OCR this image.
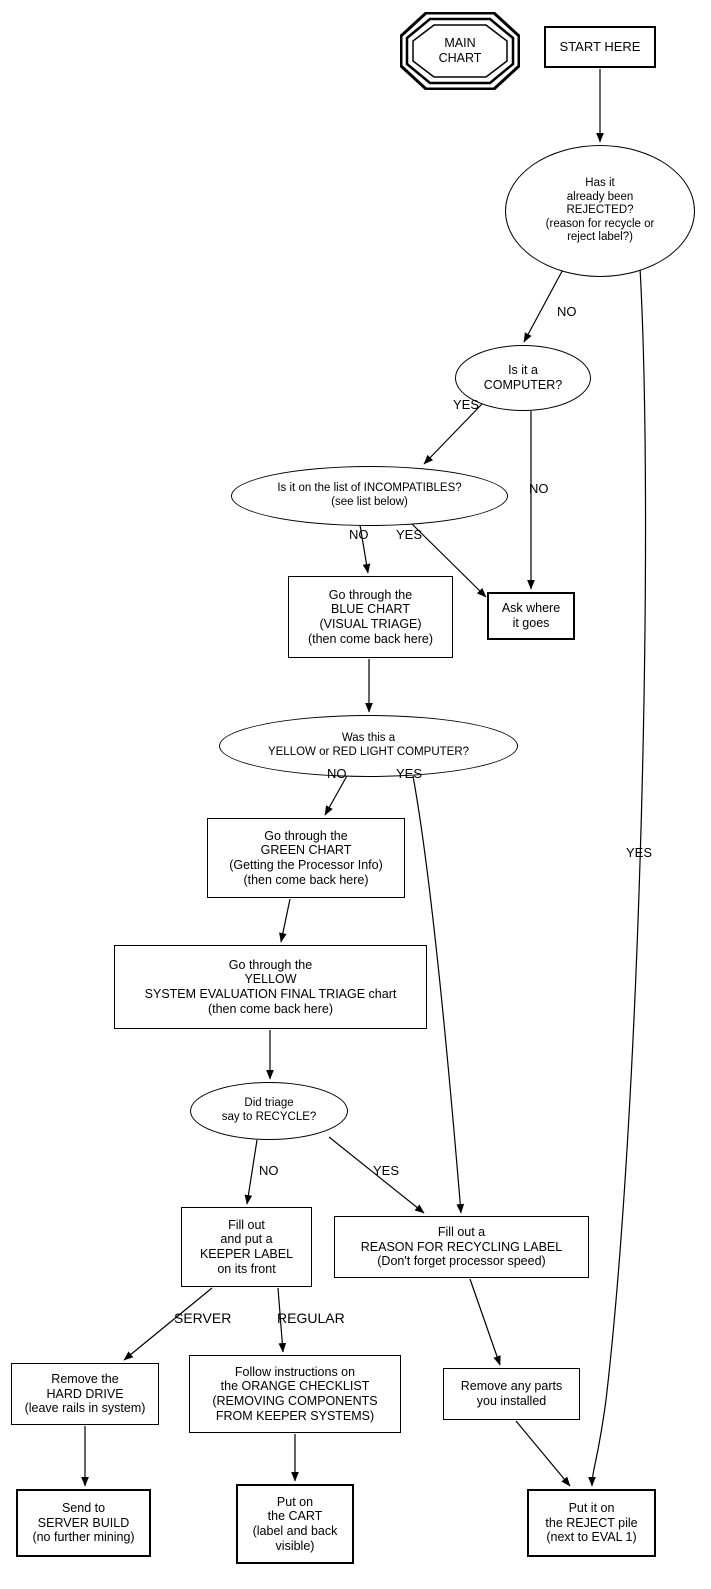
MAIN
CHART
START HERE
Has it
already been
REJECTED?
(reason for recycle or
reject label?)
Is it a
COMPUTER?
Is it on the list of INCOMPATIBLES?
(see list below)
Ask where
it goes
Go through the
BLUE CHART
(VISUAL TRIAGE)
(then come back here)
Was this a
YELLOW or RED LIGHT COMPUTER?
Go through the
GREEN CHART
(Getting the Processor Info)
(then come back here)
Go through the
YELLOW
SYSTEM EVALUATION FINAL TRIAGE chart
(then come back here)
Did triage
say to RECYCLE?
Fill out
and put a
KEEPER LABEL
on its front
Fill out a
REASON FOR RECYCLING LABEL
(Don't forget processor speed)
Remove the
HARD DRIVE
(leave rails in system)
Follow instructions on
the ORANGE CHECKLIST
(REMOVING COMPONENTS
FROM KEEPER SYSTEMS)
Remove any parts
you installed
Send to
SERVER BUILD
(no further mining)
Put on
the CART
(label and back
visible)
Put it on
the REJECT pile
(next to EVAL 1)
NO
YES
YES
NO
NO YES
NO	YES
NO	YES
SERVER	REGULAR
